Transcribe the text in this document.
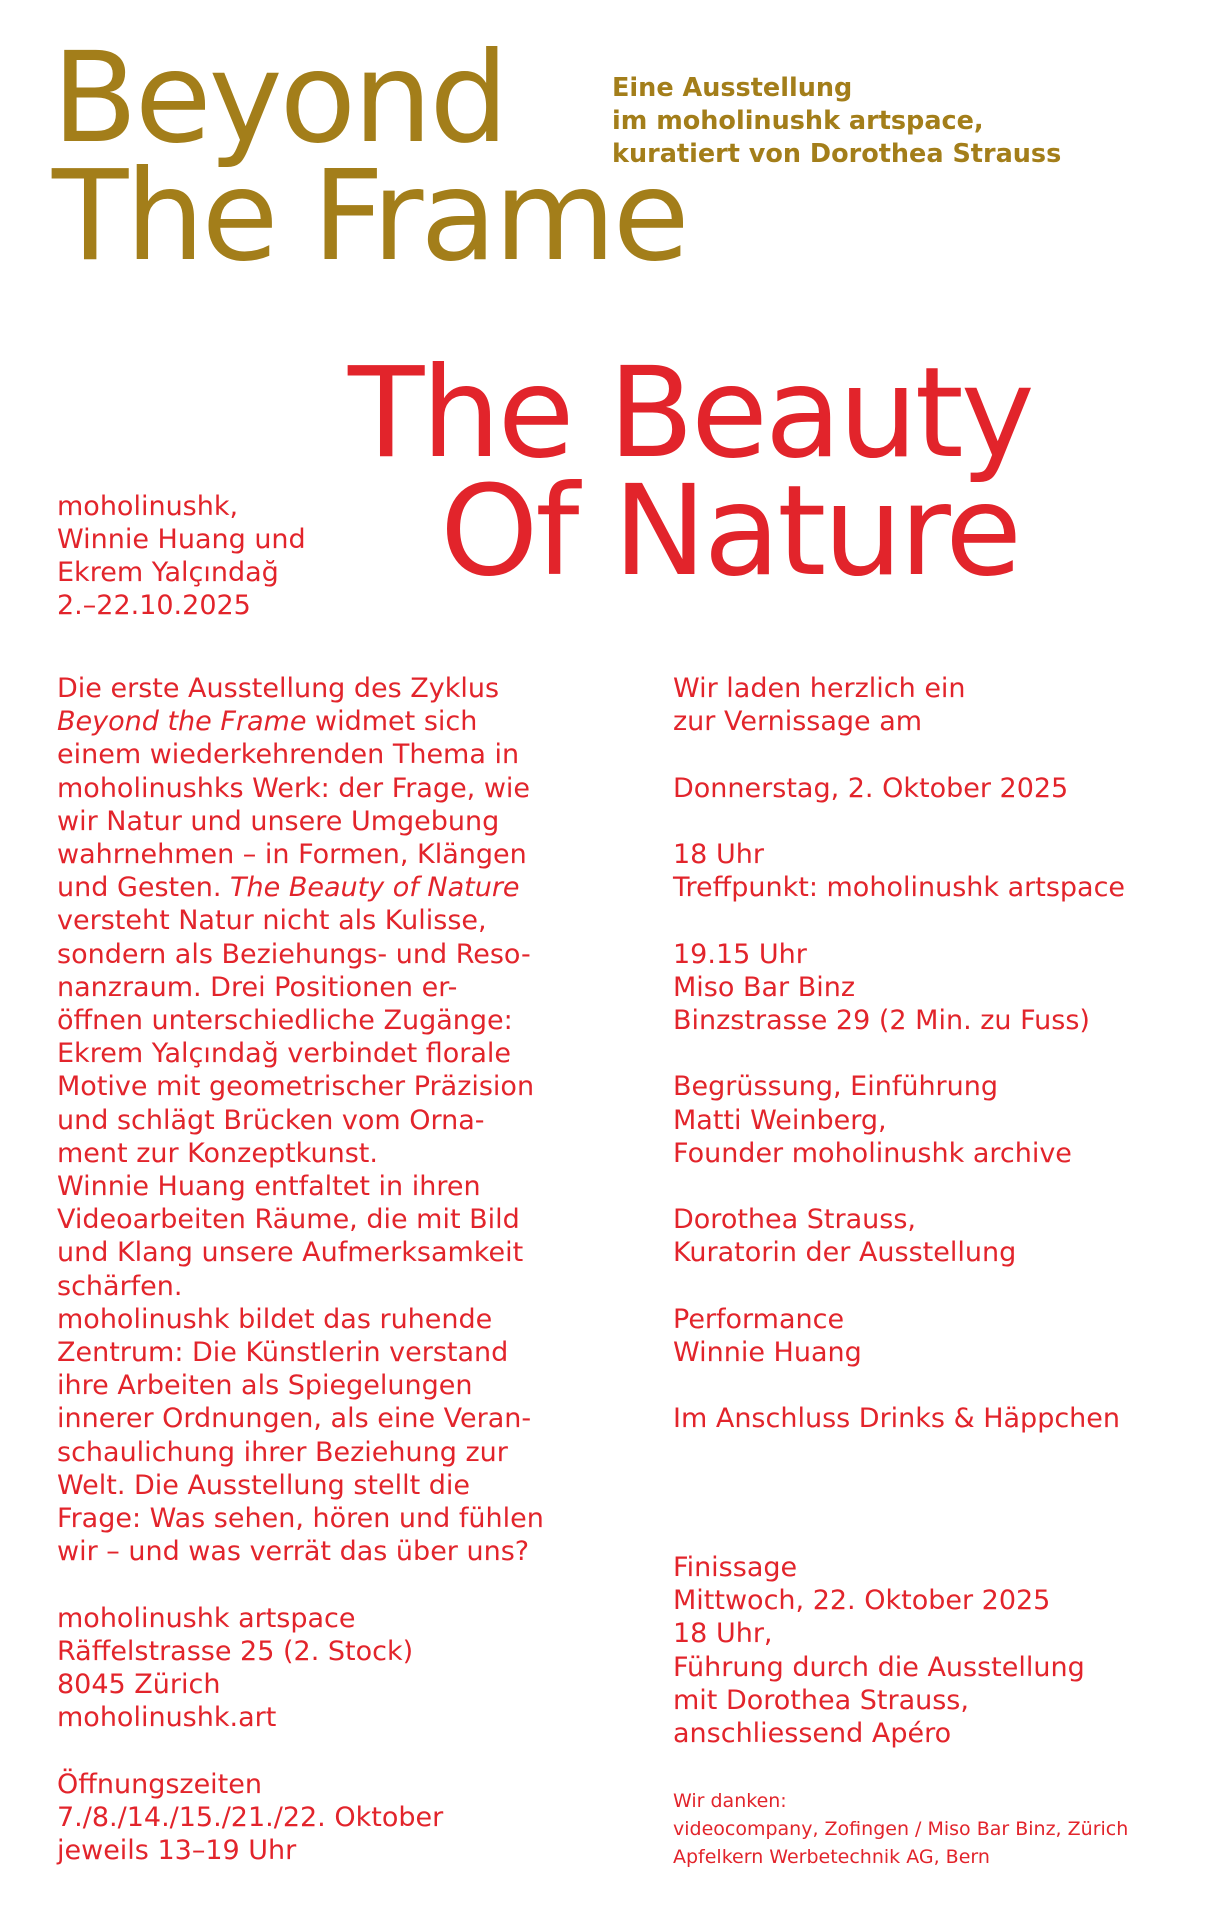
Beyond
The Frame
Eine Ausstellung
im moholinushk artspace,
kuratiert von Dorothea Strauss
The Beauty
Of Nature
moholinushk,
Winnie Huang und
Ekrem Yalçındağ
2.–22.10.2025
Die erste Ausstellung des Zyklus
Beyond the Frame widmet sich
einem wiederkehrenden Thema in
moholinushks Werk: der Frage, wie
wir Natur und unsere Umgebung
wahrnehmen – in Formen, Klängen
und Gesten. The Beauty of Nature
versteht Natur nicht als Kulisse,
sondern als Beziehungs- und Reso-
nanzraum. Drei Positionen er-
öffnen unterschiedliche Zugänge:
Ekrem Yalçındağ verbindet florale
Motive mit geometrischer Präzision
und schlägt Brücken vom Orna-
ment zur Konzeptkunst.
Winnie Huang entfaltet in ihren
Videoarbeiten Räume, die mit Bild
und Klang unsere Aufmerksamkeit
schärfen.
moholinushk bildet das ruhende
Zentrum: Die Künstlerin verstand
ihre Arbeiten als Spiegelungen
innerer Ordnungen, als eine Veran-
schaulichung ihrer Beziehung zur
Welt. Die Ausstellung stellt die
Frage: Was sehen, hören und fühlen
wir – und was verrät das über uns?
moholinushk artspace
Räffelstrasse 25 (2. Stock)
8045 Zürich
moholinushk.art
Öffnungszeiten
7./8./14./15./21./22. Oktober
jeweils 13–19 Uhr
Wir laden herzlich ein
zur Vernissage am
Donnerstag, 2. Oktober 2025
18 Uhr
Treffpunkt: moholinushk artspace
19.15 Uhr
Miso Bar Binz
Binzstrasse 29 (2 Min. zu Fuss)
Begrüssung, Einführung
Matti Weinberg,
Founder moholinushk archive
Dorothea Strauss,
Kuratorin der Ausstellung
Performance
Winnie Huang
Im Anschluss Drinks & Häppchen
Finissage
Mittwoch, 22. Oktober 2025
18 Uhr,
Führung durch die Ausstellung
mit Dorothea Strauss,
anschliessend Apéro
Wir danken:
videocompany, Zofingen / Miso Bar Binz, Zürich
Apfelkern Werbetechnik AG, Bern
